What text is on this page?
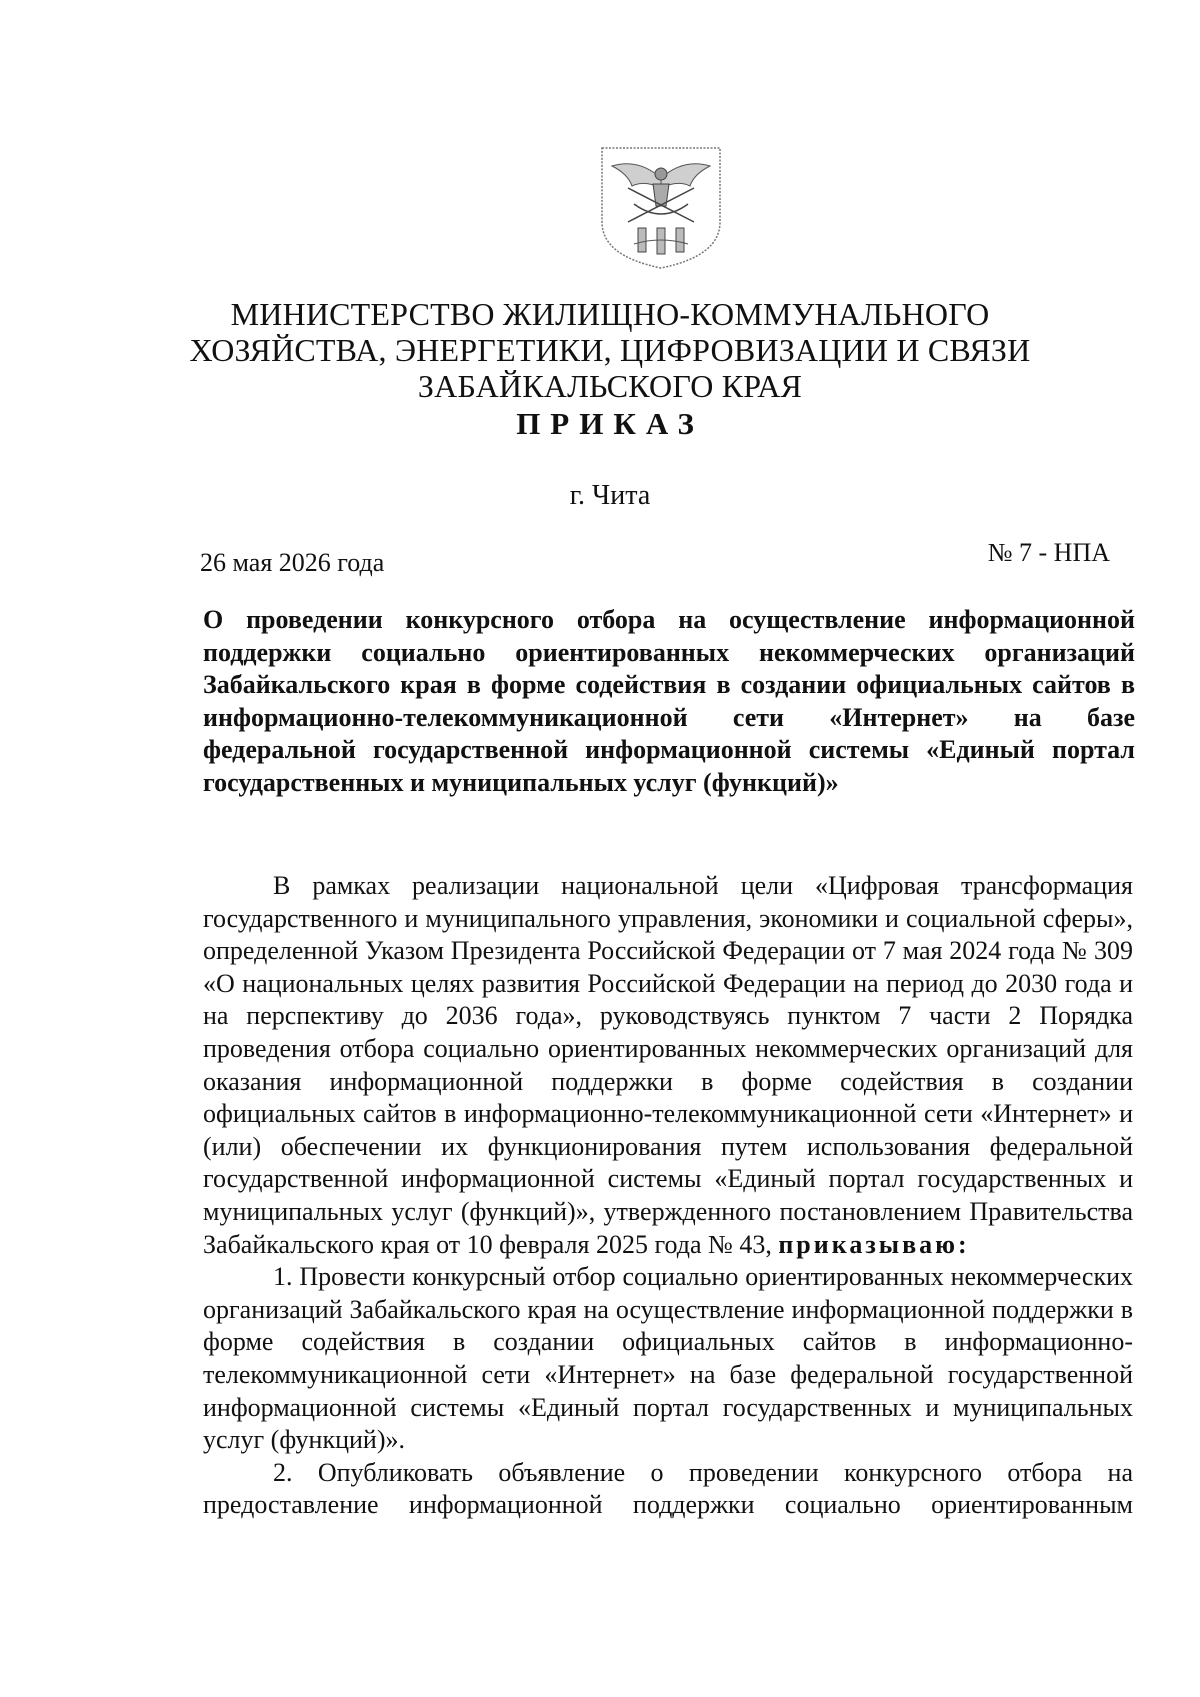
МИНИСТЕРСТВО ЖИЛИЩНО-КОММУНАЛЬНОГО
ХОЗЯЙСТВА, ЭНЕРГЕТИКИ, ЦИФРОВИЗАЦИИ И СВЯЗИ
ЗАБАЙКАЛЬСКОГО КРАЯ
ПРИКАЗ
г. Чита
26 мая 2026 года	№ 7 - НПА
О проведении конкурсного отбора на осуществление информационной поддержки социально ориентированных некоммерческих организаций Забайкальского края в форме содействия в создании официальных сайтов в информационно-телекоммуникационной сети «Интернет» на базе федеральной государственной информационной системы «Единый портал государственных и муниципальных услуг (функций)»

В рамках реализации национальной цели «Цифровая трансформация государственного и муниципального управления, экономики и социальной сферы», определенной Указом Президента Российской Федерации от 7 мая 2024 года № 309 «О национальных целях развития Российской Федерации на период до 2030 года и на перспективу до 2036 года», руководствуясь пунктом 7 части 2 Порядка проведения отбора социально ориентированных некоммерческих организаций для оказания информационной поддержки в форме содействия в создании официальных сайтов в информационно-телекоммуникационной сети «Интернет» и (или) обеспечении их функционирования путем использования федеральной государственной информационной системы «Единый портал государственных и муниципальных услуг (функций)», утвержденного постановлением Правительства Забайкальского края от 10 февраля 2025 года № 43, приказываю:

1. Провести конкурсный отбор социально ориентированных некоммерческих организаций Забайкальского края на осуществление информационной поддержки в форме содействия в создании официальных сайтов в информационно-телекоммуникационной сети «Интернет» на базе федеральной государственной информационной системы «Единый портал государственных и муниципальных услуг (функций)».

2. Опубликовать объявление о проведении конкурсного отбора на предоставление информационной поддержки социально ориентированным
